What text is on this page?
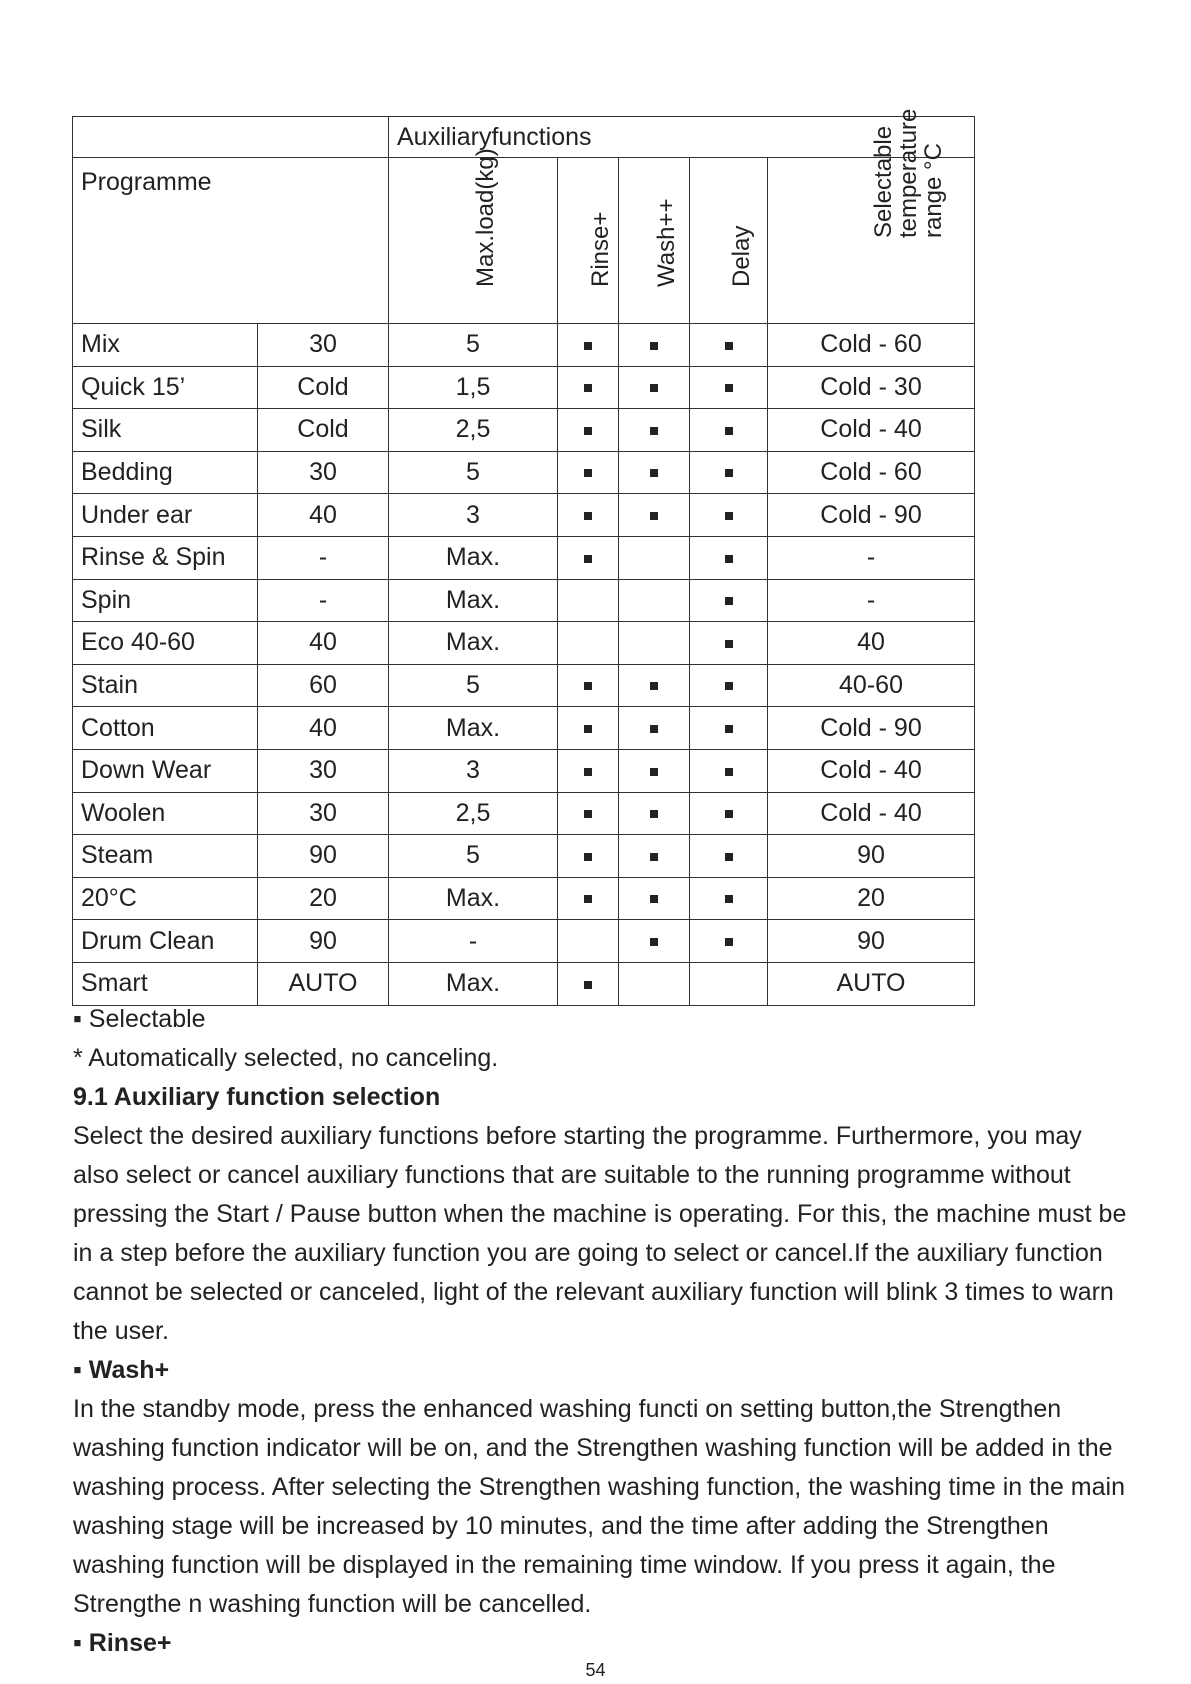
		Auxiliaryfunctions				
Programme		Max.load(kg)	Rinse+	Wash++	Delay	Selectable temperature range °C

Mix	30	5				Cold - 60
Quick 15’	Cold	1,5				Cold - 30
Silk	Cold	2,5				Cold - 40
Bedding	30	5				Cold - 60
Under ear	40	3				Cold - 90
Rinse & Spin	-	Max.				-
Spin	-	Max.				-
Eco 40-60	40	Max.				40
Stain	60	5				40-60
Cotton	40	Max.				Cold - 90
Down Wear	30	3				Cold - 40
Woolen	30	2,5				Cold - 40
Steam	90	5				90
20°C	20	Max.				20
Drum Clean	90	-				90
Smart	AUTO	Max.				AUTO

▪ Selectable

* Automatically selected, no canceling.

9.1 Auxiliary function selection

Select the desired auxiliary functions before starting the programme. Furthermore, you may also select or cancel auxiliary functions that are suitable to the running programme without pressing the Start / Pause button when the machine is operating. For this, the machine must be in a step before the auxiliary function you are going to select or cancel.If the auxiliary function cannot be selected or canceled, light of the relevant auxiliary function will blink 3 times to warn the user.

▪ Wash+

In the standby mode, press the enhanced washing functi on setting button,the Strengthen washing function indicator will be on, and the Strengthen washing function will be added in the washing process. After selecting the Strengthen washing function, the washing time in the main washing stage will be increased by 10 minutes, and the time after adding the Strengthen washing function will be displayed in the remaining time window. If you press it again, the Strengthe n washing function will be cancelled.

▪ Rinse+

54
